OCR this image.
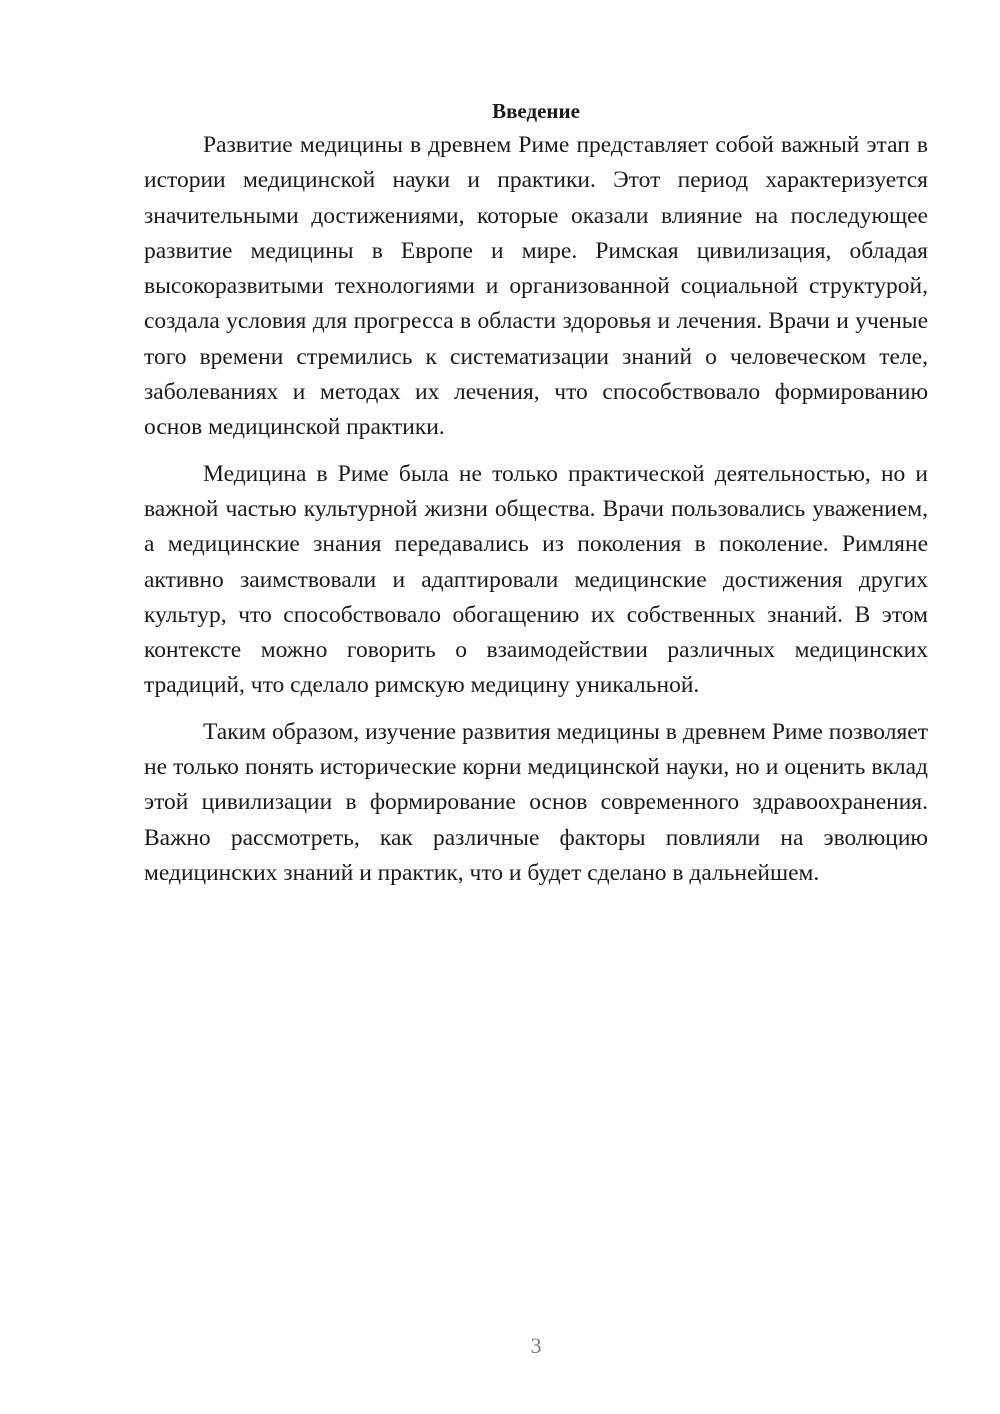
Введение

Развитие медицины в древнем Риме представляет собой важный этап в истории медицинской науки и практики. Этот период характеризуется значительными достижениями, которые оказали влияние на последующее развитие медицины в Европе и мире. Римская цивилизация, обладая высокоразвитыми технологиями и организованной социальной структурой, создала условия для прогресса в области здоровья и лечения. Врачи и ученые того времени стремились к систематизации знаний о человеческом теле, заболеваниях и методах их лечения, что способствовало формированию основ медицинской практики.

Медицина в Риме была не только практической деятельностью, но и важной частью культурной жизни общества. Врачи пользовались уважением, а медицинские знания передавались из поколения в поколение. Римляне активно заимствовали и адаптировали медицинские достижения других культур, что способствовало обогащению их собственных знаний. В этом контексте можно говорить о взаимодействии различных медицинских традиций, что сделало римскую медицину уникальной.

Таким образом, изучение развития медицины в древнем Риме позволяет не только понять исторические корни медицинской науки, но и оценить вклад этой цивилизации в формирование основ современного здравоохранения. Важно рассмотреть, как различные факторы повлияли на эволюцию медицинских знаний и практик, что и будет сделано в дальнейшем.

3
